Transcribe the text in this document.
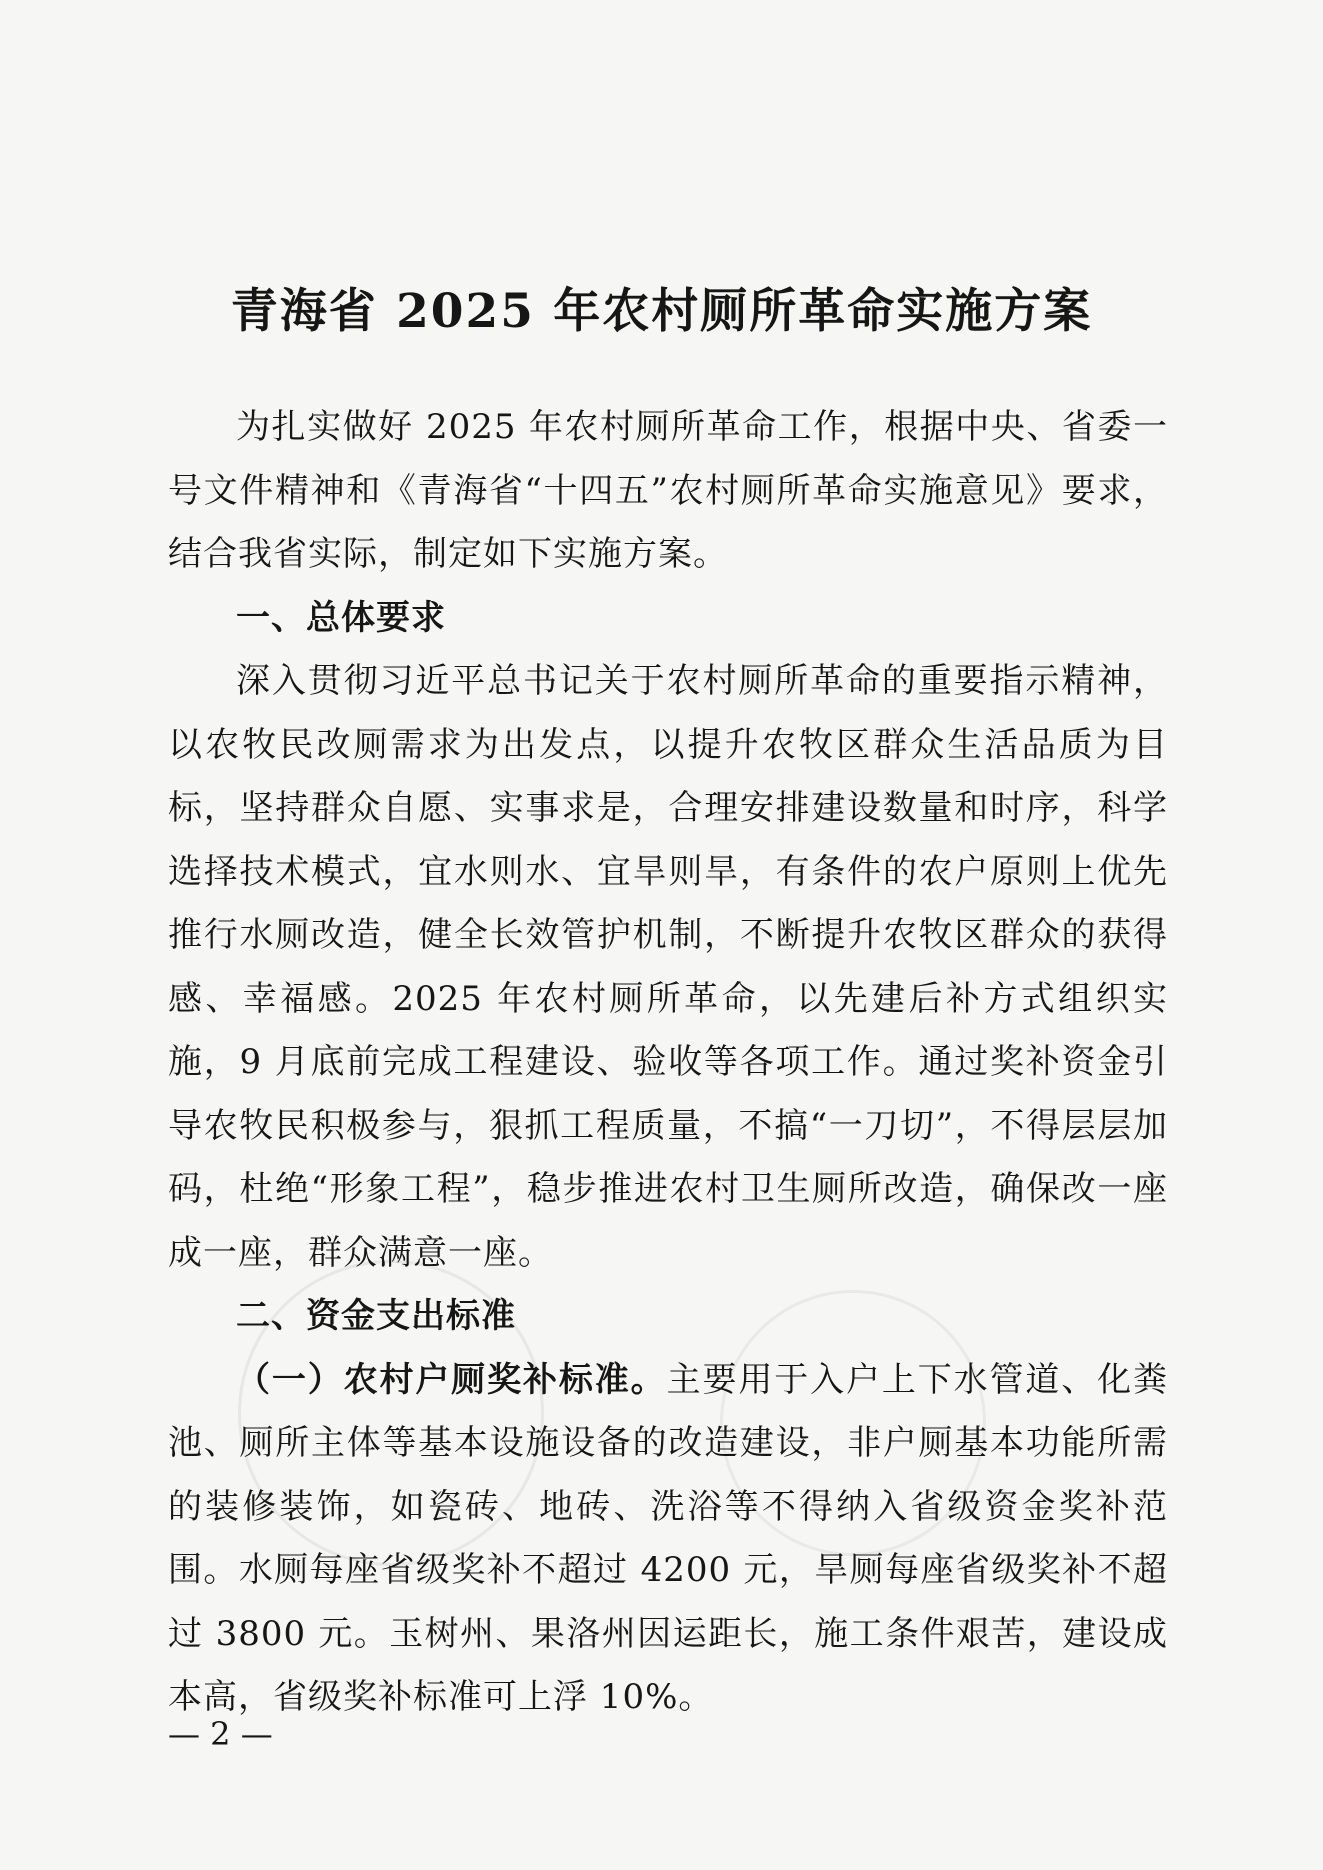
青海省 2025 年农村厕所革命实施方案

为扎实做好 2025 年农村厕所革命工作，根据中央、省委一号文件精神和《青海省“十四五”农村厕所革命实施意见》要求，结合我省实际，制定如下实施方案。

一、总体要求

深入贯彻习近平总书记关于农村厕所革命的重要指示精神，以农牧民改厕需求为出发点，以提升农牧区群众生活品质为目标，坚持群众自愿、实事求是，合理安排建设数量和时序，科学选择技术模式，宜水则水、宜旱则旱，有条件的农户原则上优先推行水厕改造，健全长效管护机制，不断提升农牧区群众的获得感、幸福感。2025 年农村厕所革命，以先建后补方式组织实施，9 月底前完成工程建设、验收等各项工作。通过奖补资金引导农牧民积极参与，狠抓工程质量，不搞“一刀切”，不得层层加码，杜绝“形象工程”，稳步推进农村卫生厕所改造，确保改一座成一座，群众满意一座。

二、资金支出标准

（一）农村户厕奖补标准。主要用于入户上下水管道、化粪池、厕所主体等基本设施设备的改造建设，非户厕基本功能所需的装修装饰，如瓷砖、地砖、洗浴等不得纳入省级资金奖补范围。水厕每座省级奖补不超过 4200 元，旱厕每座省级奖补不超过 3800 元。玉树州、果洛州因运距长，施工条件艰苦，建设成本高，省级奖补标准可上浮 10%。

— 2 —
